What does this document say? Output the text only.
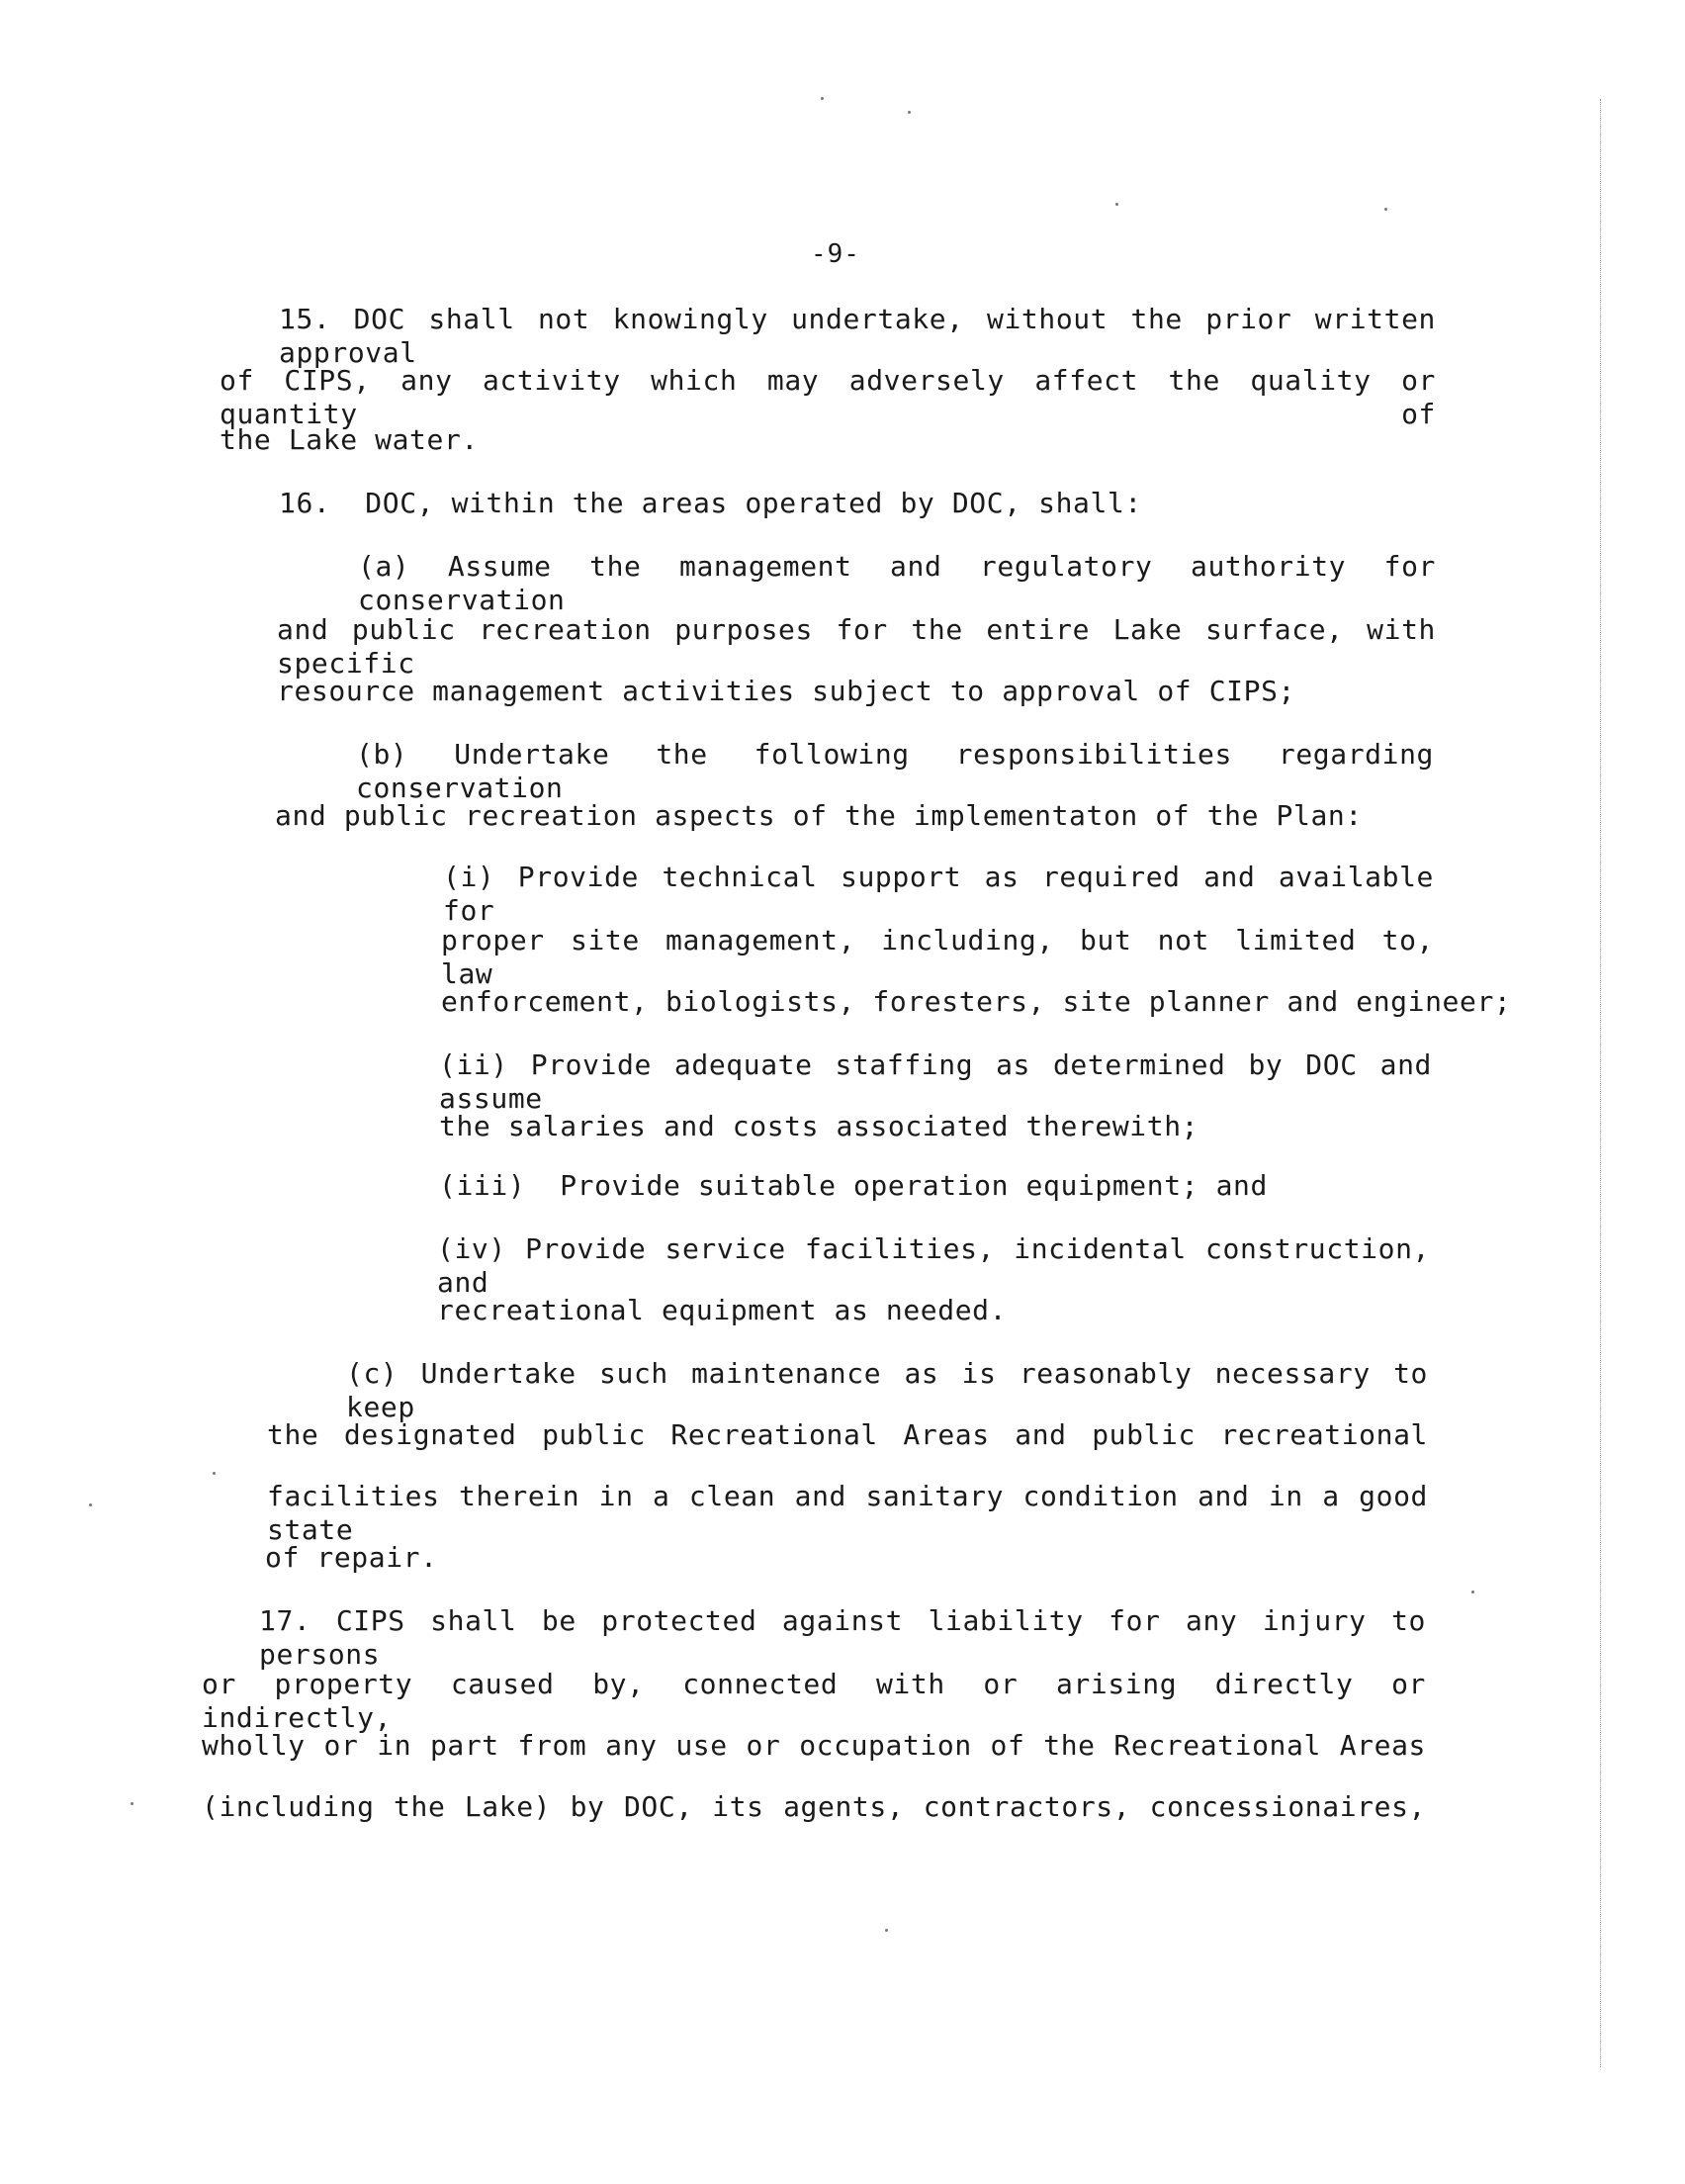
-9-
15. DOC shall not knowingly undertake, without the prior written approval
of CIPS, any activity which may adversely affect the quality or quantity of
the Lake water.
16.  DOC, within the areas operated by DOC, shall:
(a) Assume the management and regulatory authority for conservation
and public recreation purposes for the entire Lake surface, with specific
resource management activities subject to approval of CIPS;
(b) Undertake the following responsibilities regarding conservation
and public recreation aspects of the implementaton of the Plan:
(i) Provide technical support as required and available for
proper site management, including, but not limited to, law
enforcement, biologists, foresters, site planner and engineer;
(ii) Provide adequate staffing as determined by DOC and assume
the salaries and costs associated therewith;
(iii)  Provide suitable operation equipment; and
(iv) Provide service facilities, incidental construction, and
recreational equipment as needed.
(c) Undertake such maintenance as is reasonably necessary to keep
the designated public Recreational Areas and public recreational
facilities therein in a clean and sanitary condition and in a good state
of repair.
17. CIPS shall be protected against liability for any injury to persons
or property caused by, connected with or arising directly or indirectly,
wholly or in part from any use or occupation of the Recreational Areas
(including the Lake) by DOC, its agents, contractors, concessionaires,
